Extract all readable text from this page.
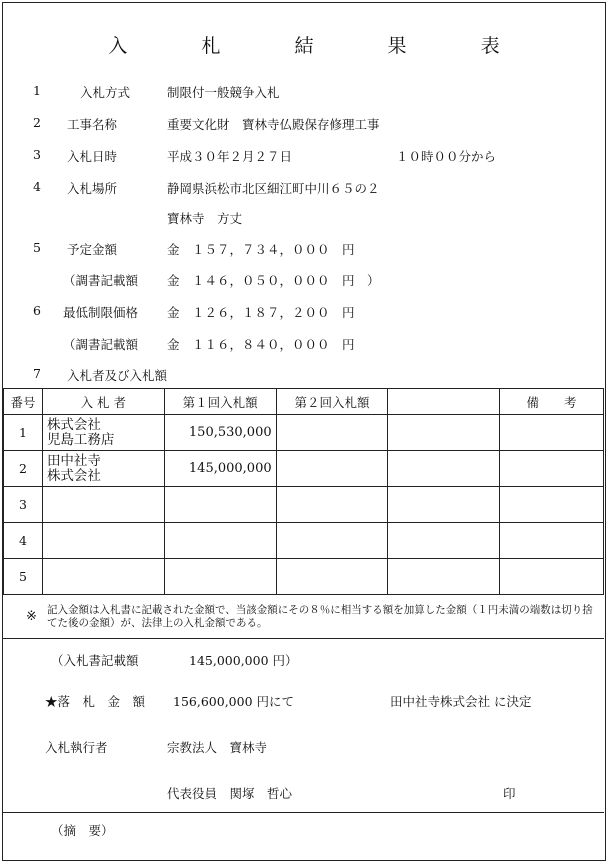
入 札 結 果 表
1	入札方式	制限付一般競争入札
2 工事名称	重要文化財　寶林寺仏殿保存修理工事
3 入札日時	平成３０年２月２７日	１０時００分から
4 入札場所	静岡県浜松市北区細江町中川６５の２
寶林寺　方丈
5 予定金額	金　１５７，７３４，０００　円
（調書記載額 金　１４６，０５０，０００　円　）
6 最低制限価格 金　１２６，１８７，２００　円
（調書記載額 金　１１６，８４０，０００　円
7 入札者及び入札額
番号	入 札 者	第１回入札額	第２回入札額		備　　考
1	株式会社
児島工務店	150,530,000			
2	田中社寺
株式会社	145,000,000			
3					
4					
5					
※ 記入金額は入札書に記載された金額で、当該金額にその８％に相当する額を加算した金額（１円未満の端数は切り捨てた後の金額）が、法律上の入札金額である。
（入札書記載額	145,000,000 円）
★落　札　金　額 156,600,000 円にて	田中社寺株式会社 に決定
入札執行者	宗教法人　寶林寺
代表役員　関塚　哲心	印
（摘　要）
